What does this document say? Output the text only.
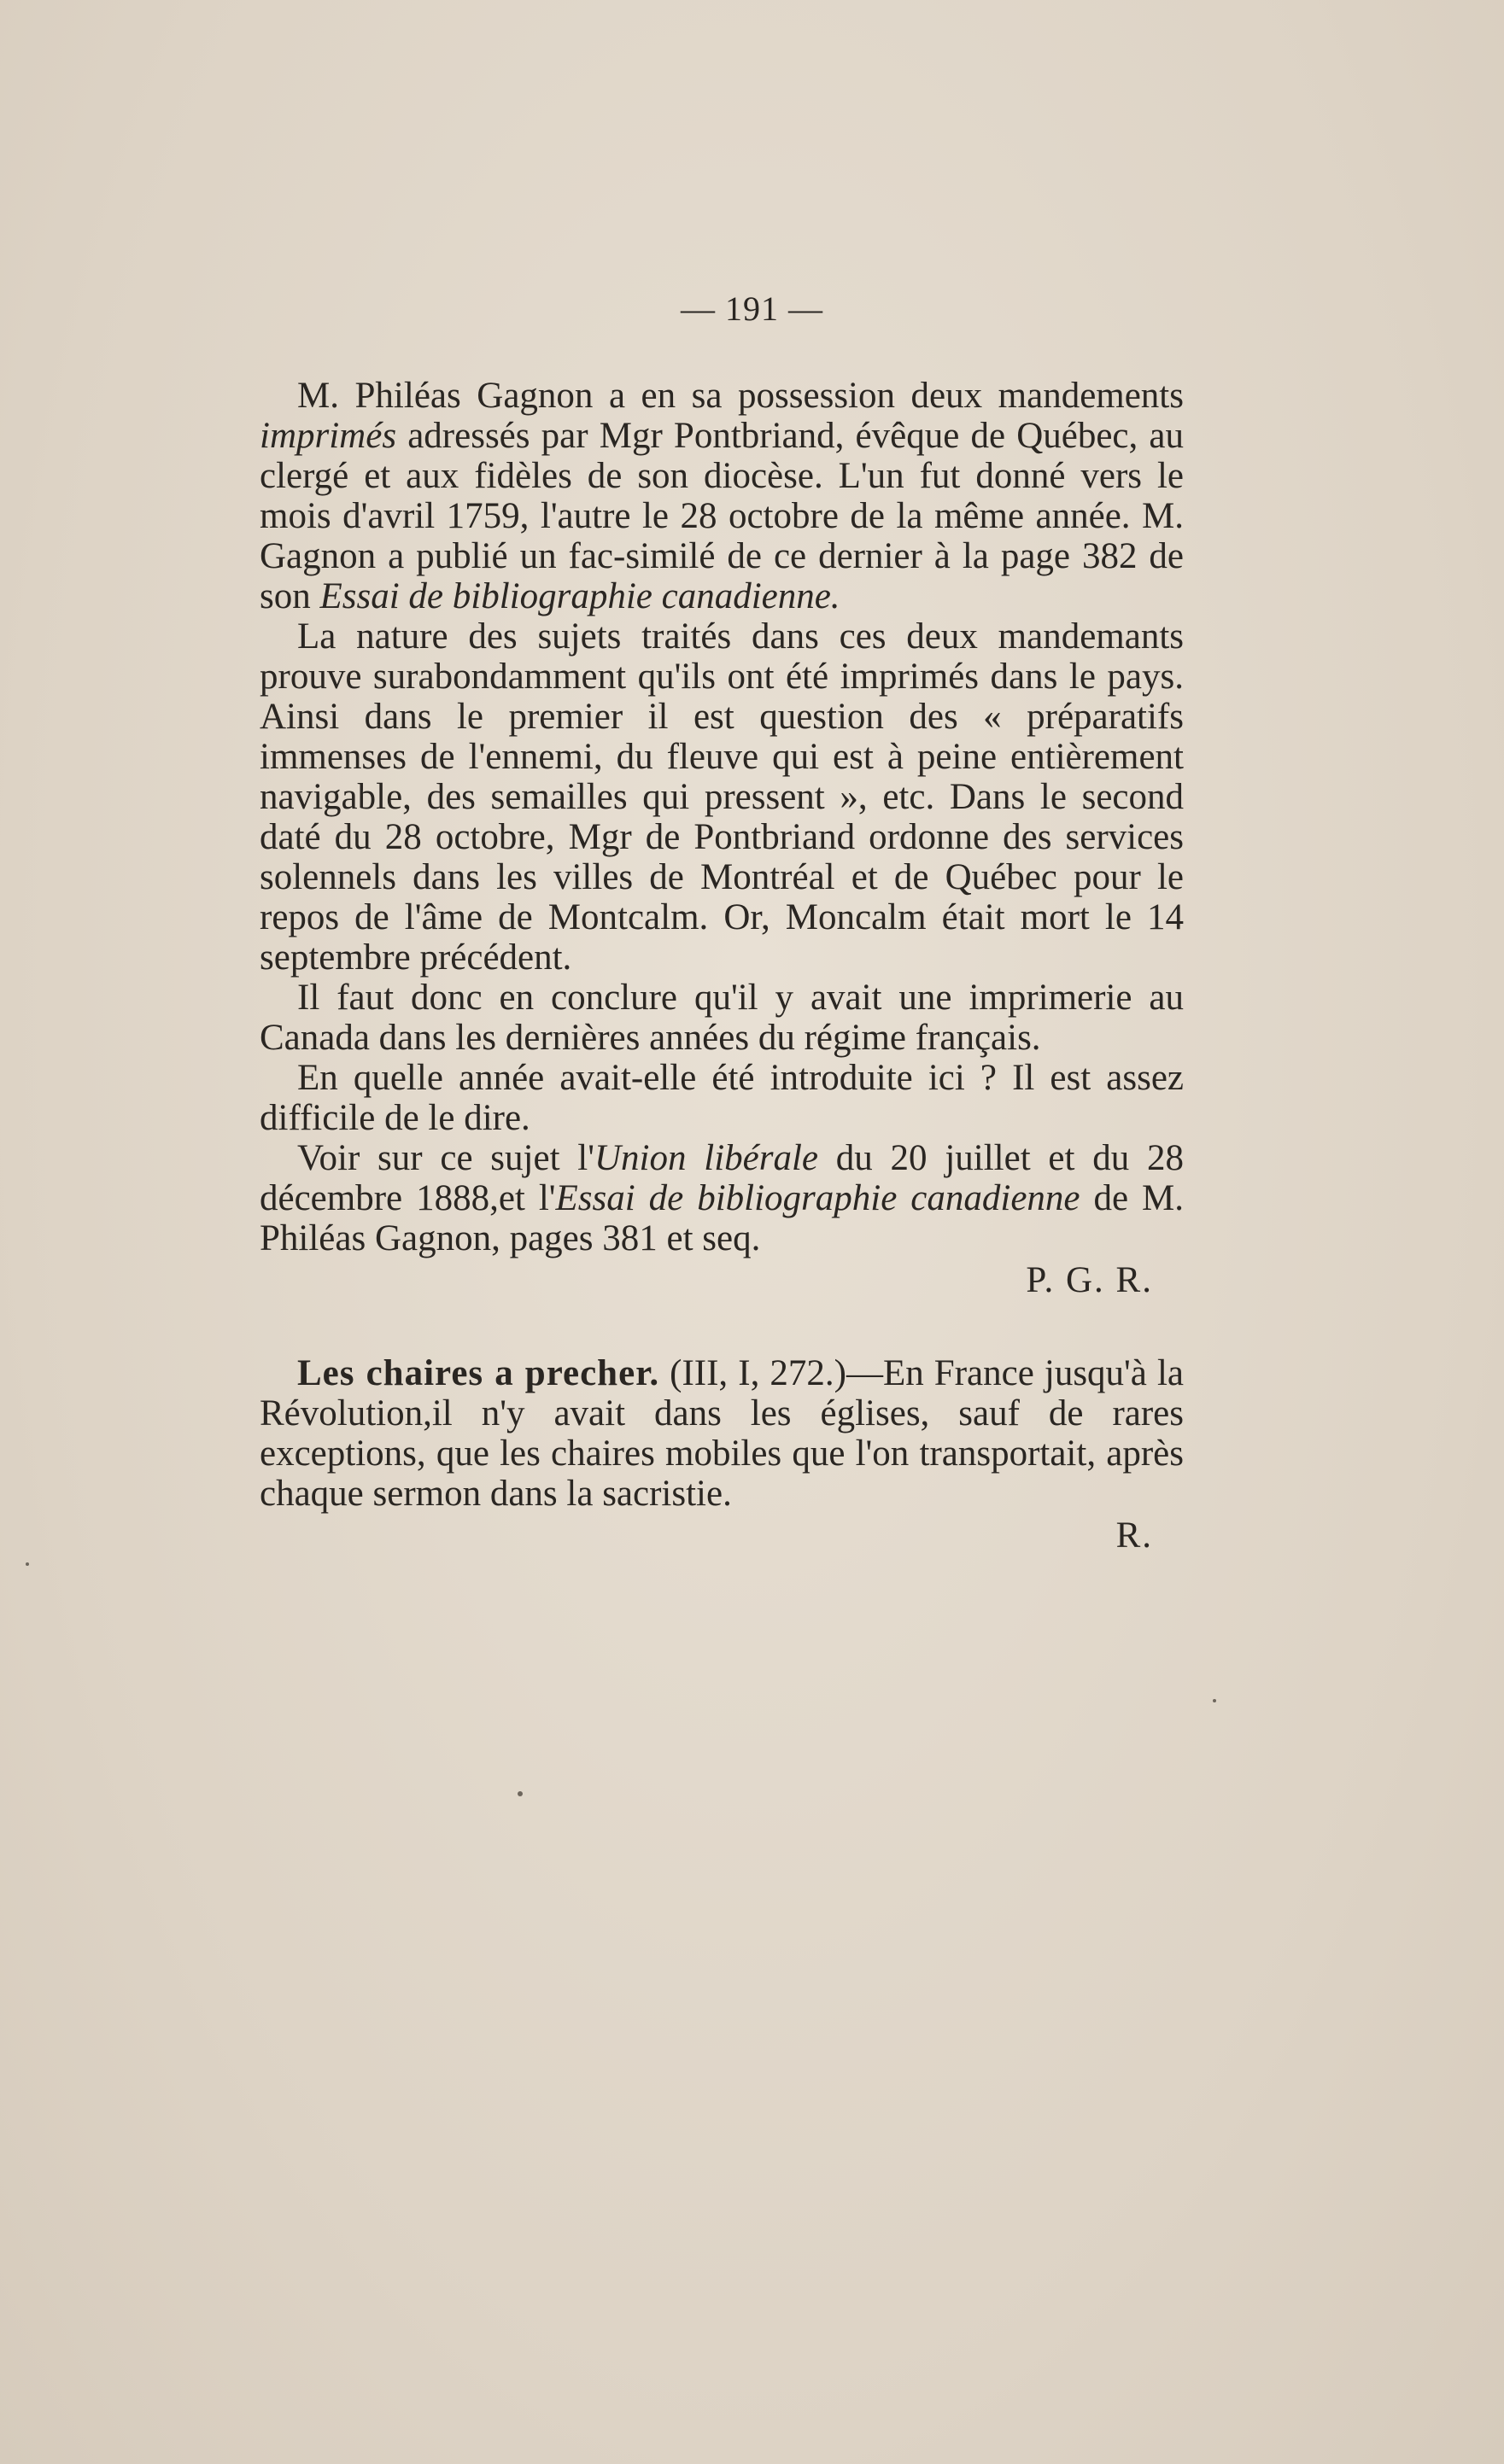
— 191 —

M. Philéas Gagnon a en sa possession deux mandements imprimés adressés par Mgr Pontbriand, évêque de Québec, au clergé et aux fidèles de son diocèse. L'un fut donné vers le mois d'avril 1759, l'autre le 28 octobre de la même année. M. Gagnon a publié un fac-similé de ce dernier à la page 382 de son Essai de bibliographie canadienne.

La nature des sujets traités dans ces deux mandemants prouve surabondamment qu'ils ont été imprimés dans le pays. Ainsi dans le premier il est question des « préparatifs immenses de l'ennemi, du fleuve qui est à peine entièrement navigable, des semailles qui pressent », etc. Dans le second daté du 28 octobre, Mgr de Pontbriand ordonne des services solennels dans les villes de Montréal et de Québec pour le repos de l'âme de Montcalm. Or, Moncalm était mort le 14 septembre précédent.

Il faut donc en conclure qu'il y avait une imprimerie au Canada dans les dernières années du régime français.

En quelle année avait-elle été introduite ici ? Il est assez difficile de le dire.

Voir sur ce sujet l'Union libérale du 20 juillet et du 28 décembre 1888,et l'Essai de bibliographie canadienne de M. Philéas Gagnon, pages 381 et seq.

P. G. R.

Les chaires a precher. (III, I, 272.)—En France jusqu'à la Révolution,il n'y avait dans les églises, sauf de rares exceptions, que les chaires mobiles que l'on transportait, après chaque sermon dans la sacristie.

R.
